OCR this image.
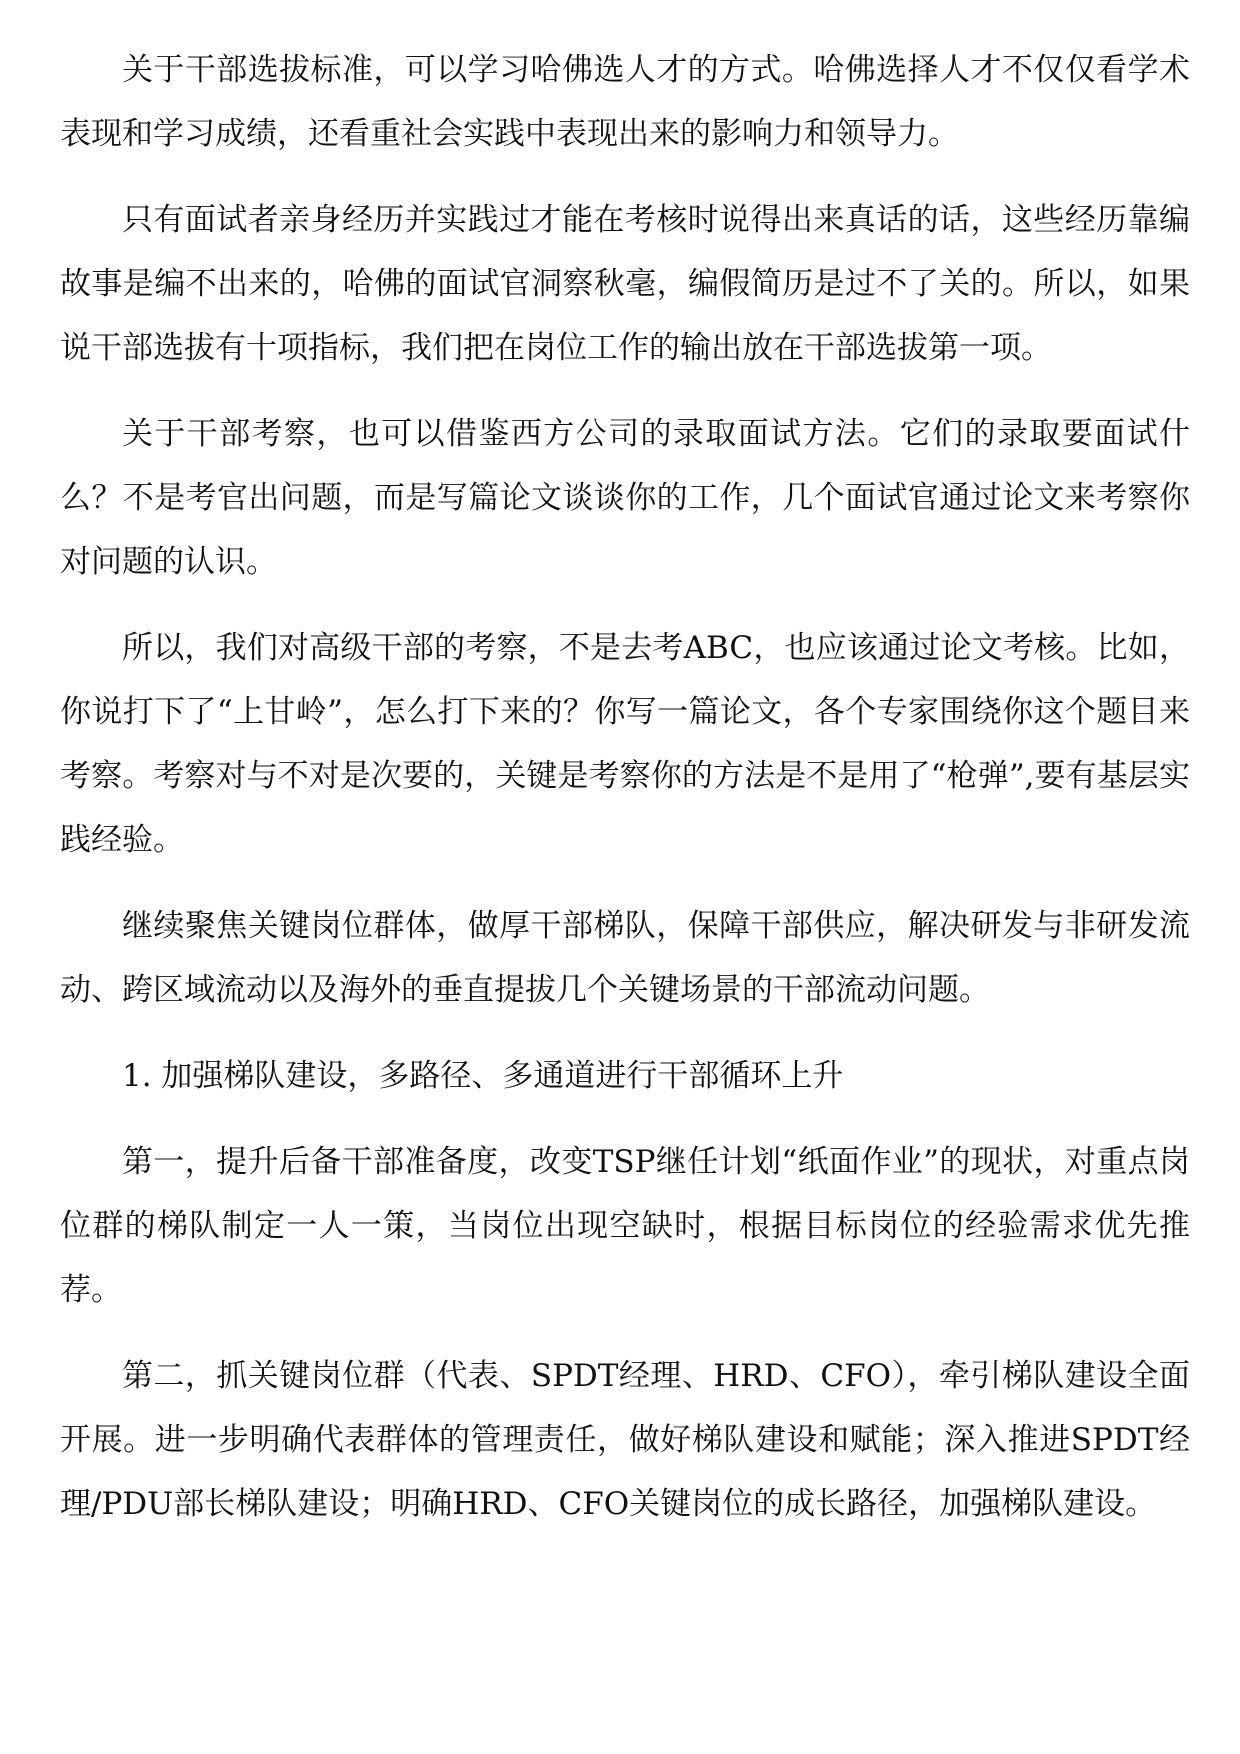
关于干部选拔标准，可以学习哈佛选人才的方式。哈佛选择人才不仅仅看学术表现和学习成绩，还看重社会实践中表现出来的影响力和领导力。

只有面试者亲身经历并实践过才能在考核时说得出来真话的话，这些经历靠编故事是编不出来的，哈佛的面试官洞察秋毫，编假简历是过不了关的。所以，如果说干部选拔有十项指标，我们把在岗位工作的输出放在干部选拔第一项。

关于干部考察，也可以借鉴西方公司的录取面试方法。它们的录取要面试什么？不是考官出问题，而是写篇论文谈谈你的工作，几个面试官通过论文来考察你对问题的认识。

所以，我们对高级干部的考察，不是去考ABC，也应该通过论文考核。比如，你说打下了“上甘岭”，怎么打下来的？你写一篇论文，各个专家围绕你这个题目来考察。考察对与不对是次要的，关键是考察你的方法是不是用了“枪弹”,要有基层实践经验。

继续聚焦关键岗位群体，做厚干部梯队，保障干部供应，解决研发与非研发流动、跨区域流动以及海外的垂直提拔几个关键场景的干部流动问题。

1. 加强梯队建设，多路径、多通道进行干部循环上升

第一，提升后备干部准备度，改变TSP继任计划“纸面作业”的现状，对重点岗位群的梯队制定一人一策，当岗位出现空缺时，根据目标岗位的经验需求优先推荐。

第二，抓关键岗位群（代表、SPDT经理、HRD、CFO），牵引梯队建设全面开展。进一步明确代表群体的管理责任，做好梯队建设和赋能；深入推进SPDT经理/PDU部长梯队建设；明确HRD、CFO关键岗位的成长路径，加强梯队建设。
